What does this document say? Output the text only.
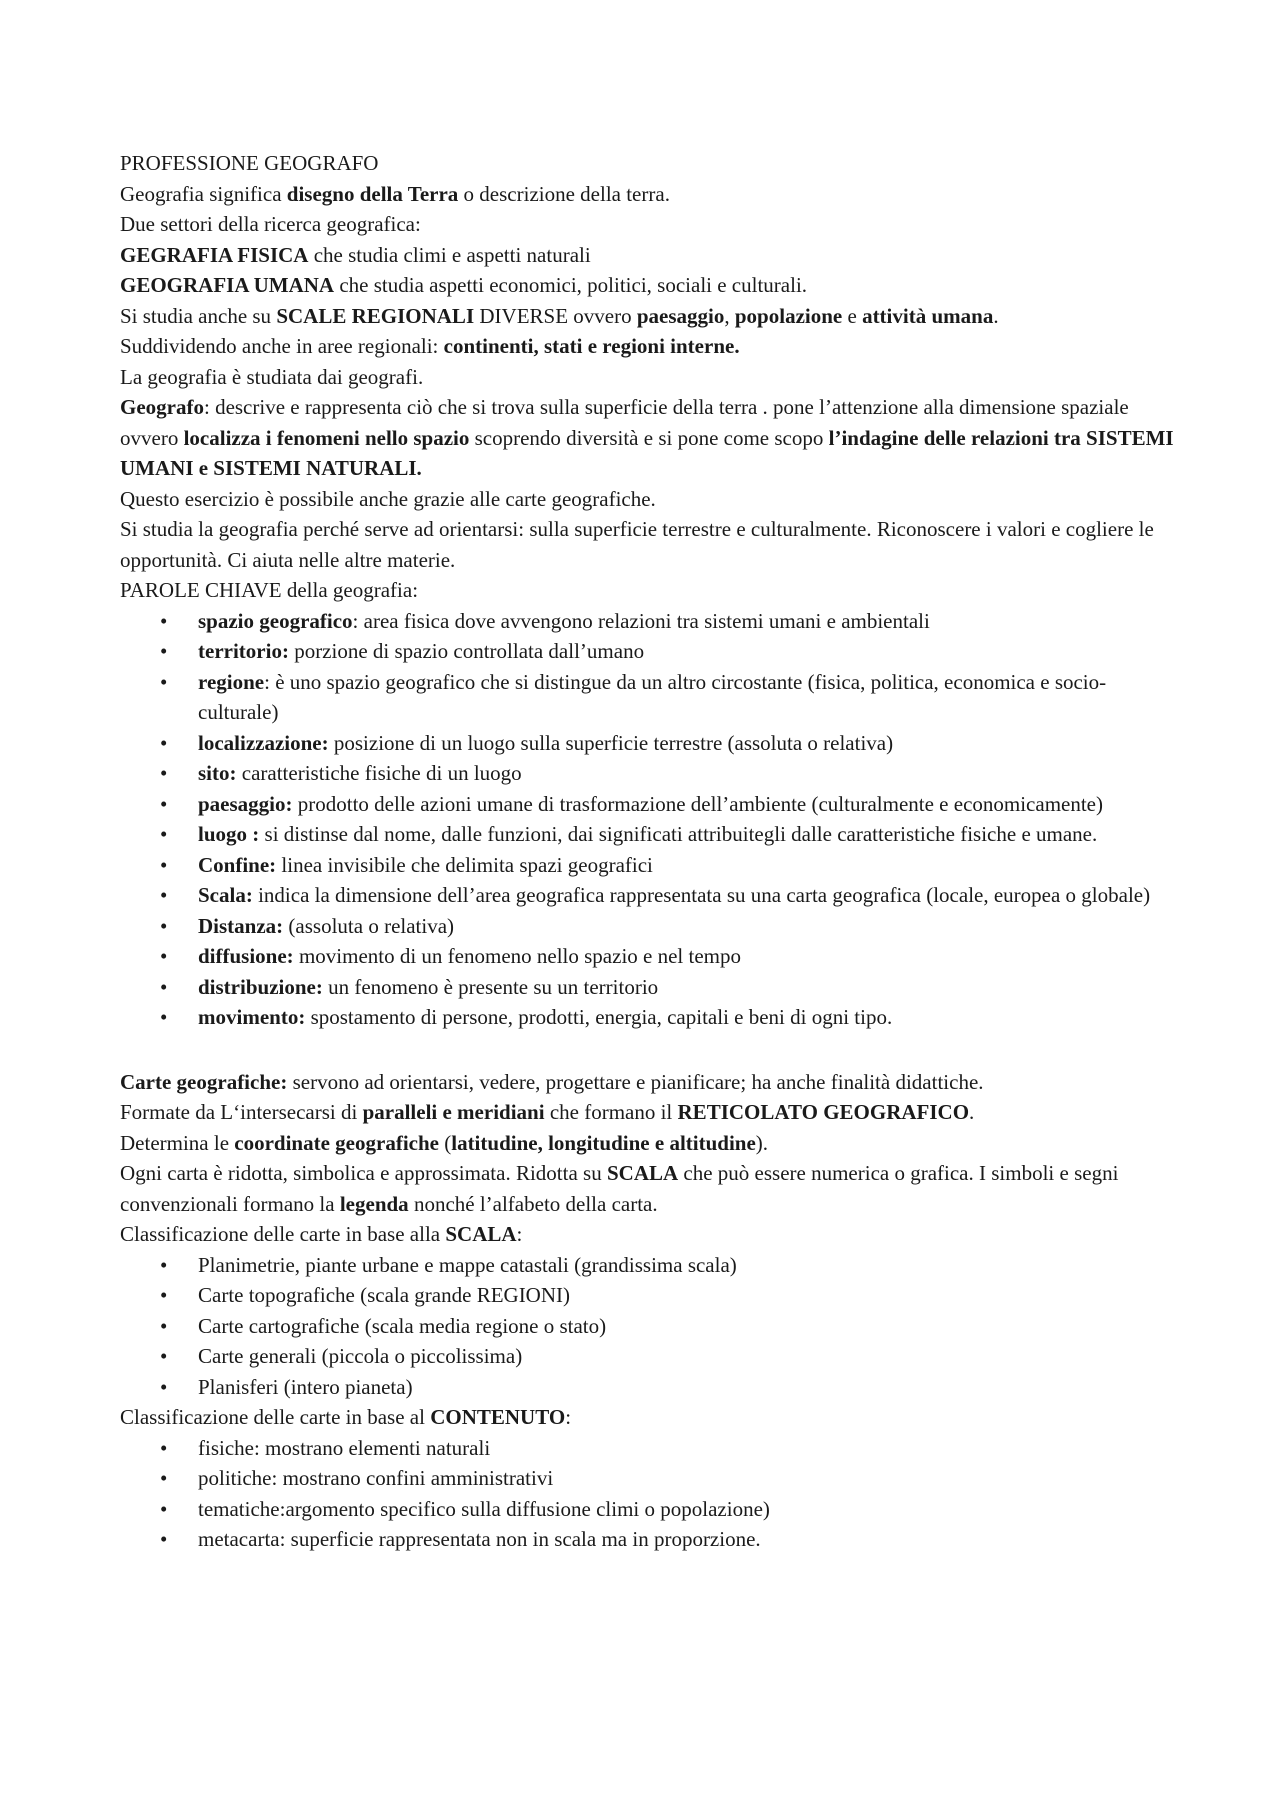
PROFESSIONE GEOGRAFO

Geografia significa disegno della Terra o descrizione della terra.

Due settori della ricerca geografica:

GEGRAFIA FISICA che studia climi e aspetti naturali

GEOGRAFIA UMANA che studia aspetti economici, politici, sociali e culturali.

Si studia anche su SCALE REGIONALI DIVERSE ovvero paesaggio, popolazione e attività umana.

Suddividendo anche in aree regionali: continenti, stati e regioni interne.

La geografia è studiata dai geografi.

Geografo: descrive e rappresenta ciò che si trova sulla superficie della terra . pone l’attenzione alla dimensione spaziale ovvero localizza i fenomeni nello spazio scoprendo diversità e si pone come scopo l’indagine delle relazioni tra SISTEMI UMANI e SISTEMI NATURALI.

Questo esercizio è possibile anche grazie alle carte geografiche.

Si studia la geografia perché serve ad orientarsi: sulla superficie terrestre e culturalmente. Riconoscere i valori e cogliere le opportunità. Ci aiuta nelle altre materie.

PAROLE CHIAVE della geografia:

• spazio geografico: area fisica dove avvengono relazioni tra sistemi umani e ambientali
• territorio: porzione di spazio controllata dall’umano
• regione: è uno spazio geografico che si distingue da un altro circostante (fisica, politica, economica e socio-culturale)
• localizzazione: posizione di un luogo sulla superficie terrestre (assoluta o relativa)
• sito: caratteristiche fisiche di un luogo
• paesaggio: prodotto delle azioni umane di trasformazione dell’ambiente (culturalmente e economicamente)
• luogo : si distinse dal nome, dalle funzioni, dai significati attribuitegli dalle caratteristiche fisiche e umane.
• Confine: linea invisibile che delimita spazi geografici
• Scala: indica la dimensione dell’area geografica rappresentata su una carta geografica (locale, europea o globale)
• Distanza: (assoluta o relativa)
• diffusione: movimento di un fenomeno nello spazio e nel tempo
• distribuzione: un fenomeno è presente su un territorio
• movimento: spostamento di persone, prodotti, energia, capitali e beni di ogni tipo.

Carte geografiche: servono ad orientarsi, vedere, progettare e pianificare; ha anche finalità didattiche.

Formate da L‘intersecarsi di paralleli e meridiani che formano il RETICOLATO GEOGRAFICO.

Determina le coordinate geografiche (latitudine, longitudine e altitudine).

Ogni carta è ridotta, simbolica e approssimata. Ridotta su SCALA che può essere numerica o grafica. I simboli e segni convenzionali formano la legenda nonché l’alfabeto della carta.

Classificazione delle carte in base alla SCALA:

• Planimetrie, piante urbane e mappe catastali (grandissima scala)
• Carte topografiche (scala grande REGIONI)
• Carte cartografiche (scala media regione o stato)
• Carte generali (piccola o piccolissima)
• Planisferi (intero pianeta)

Classificazione delle carte in base al CONTENUTO:

• fisiche: mostrano elementi naturali
• politiche: mostrano confini amministrativi
• tematiche:argomento specifico sulla diffusione climi o popolazione)
• metacarta: superficie rappresentata non in scala ma in proporzione.
